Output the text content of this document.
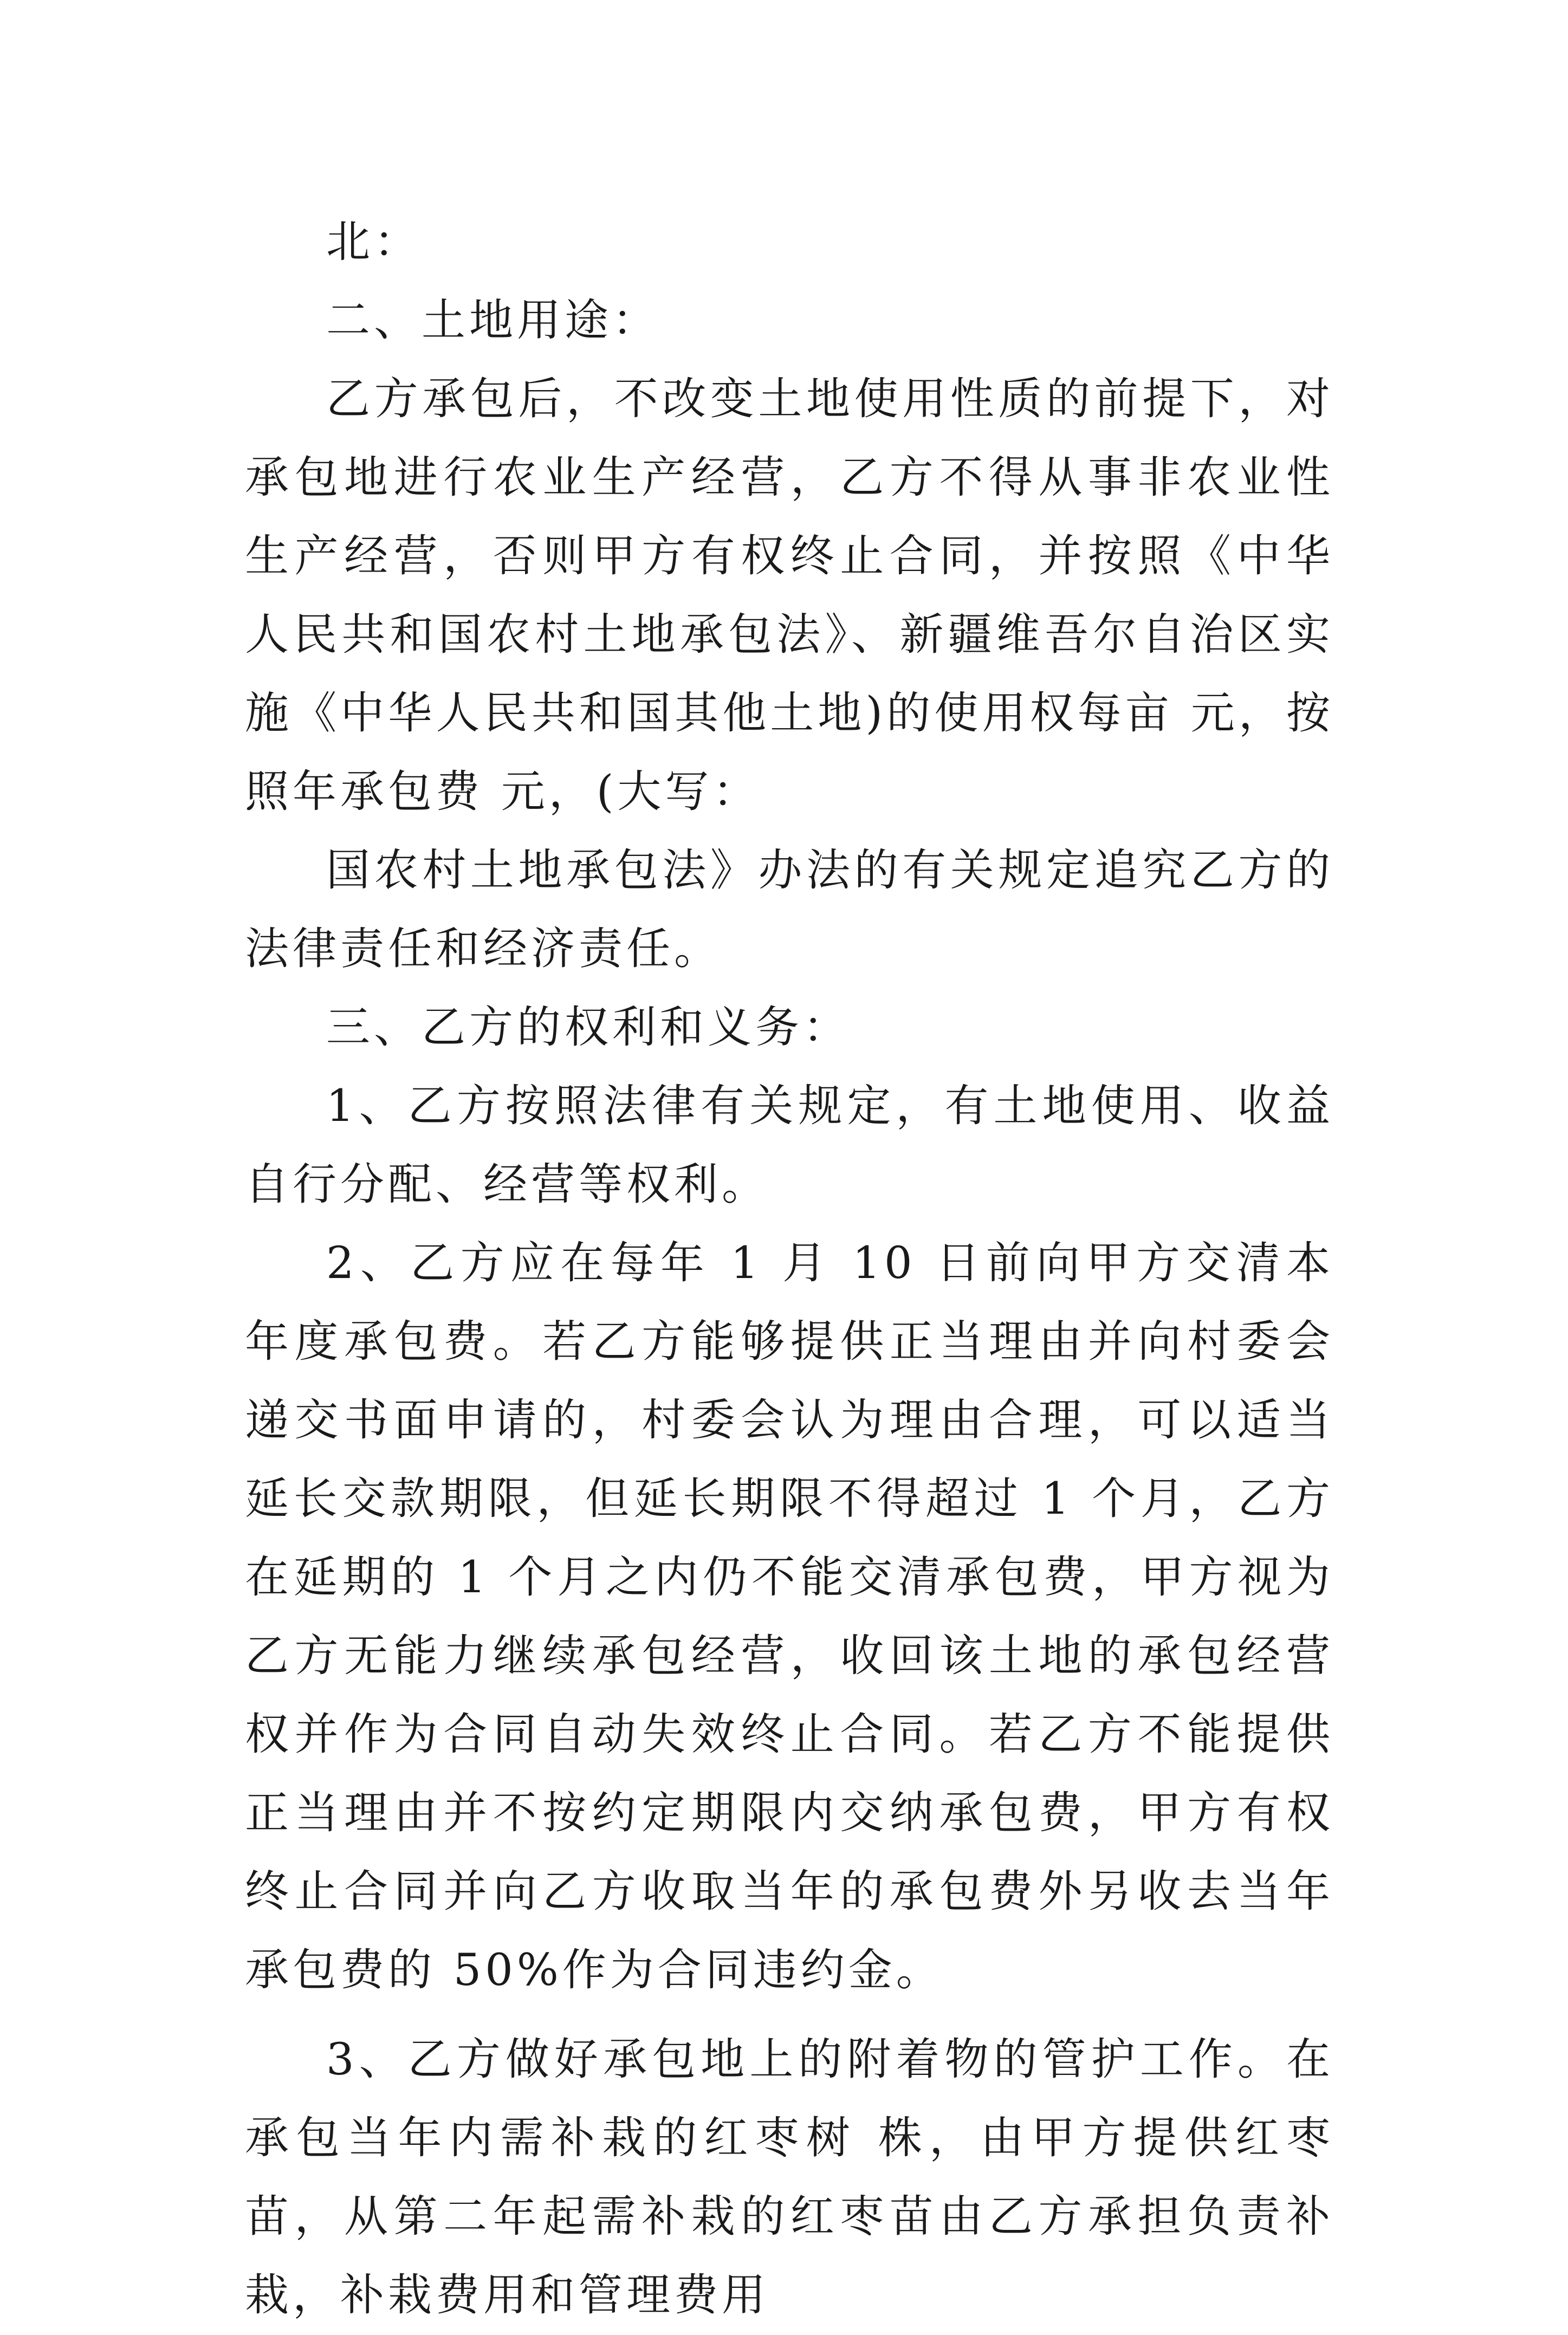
北：

二、土地用途：

乙方承包后，不改变土地使用性质的前提下，对承包地进行农业生产经营，乙方不得从事非农业性生产经营，否则甲方有权终止合同，并按照《中华人民共和国农村土地承包法》、新疆维吾尔自治区实施《中华人民共和国其他土地)的使用权每亩 元，按照年承包费 元，(大写：

国农村土地承包法》办法的有关规定追究乙方的法律责任和经济责任。

三、乙方的权利和义务：

1、乙方按照法律有关规定，有土地使用、收益自行分配、经营等权利。

2、乙方应在每年 1 月 10 日前向甲方交清本年度承包费。若乙方能够提供正当理由并向村委会递交书面申请的，村委会认为理由合理，可以适当延长交款期限，但延长期限不得超过 1 个月，乙方在延期的 1 个月之内仍不能交清承包费，甲方视为乙方无能力继续承包经营，收回该土地的承包经营权并作为合同自动失效终止合同。若乙方不能提供正当理由并不按约定期限内交纳承包费，甲方有权终止合同并向乙方收取当年的承包费外另收去当年承包费的 50%作为合同违约金。

3、乙方做好承包地上的附着物的管护工作。在承包当年内需补栽的红枣树 株，由甲方提供红枣苗，从第二年起需补栽的红枣苗由乙方承担负责补栽，补栽费用和管理费用
